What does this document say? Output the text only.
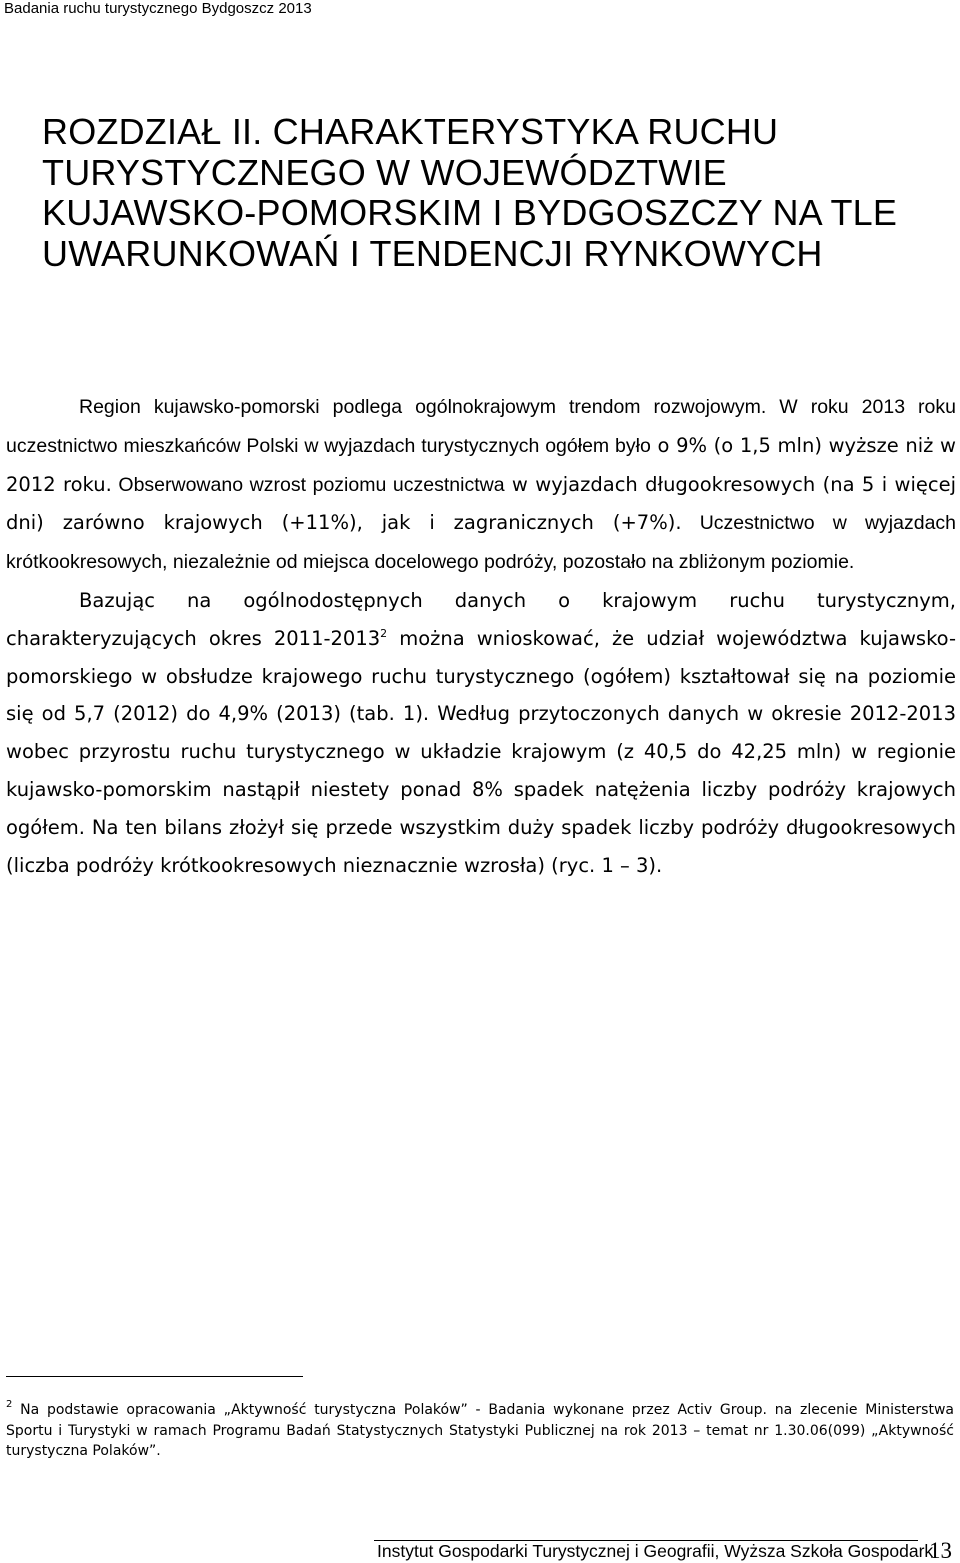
Badania ruchu turystycznego Bydgoszcz 2013
ROZDZIAŁ II. CHARAKTERYSTYKA RUCHU
TURYSTYCZNEGO W WOJEWÓDZTWIE
KUJAWSKO-POMORSKIM I BYDGOSZCZY NA TLE
UWARUNKOWAŃ I TENDENCJI RYNKOWYCH

Region kujawsko-pomorski podlega ogólnokrajowym trendom rozwojowym. W roku 2013 roku uczestnictwo mieszkańców Polski w wyjazdach turystycznych ogółem było o 9% (o 1,5 mln) wyższe niż w 2012 roku. Obserwowano wzrost poziomu uczestnictwa w wyjazdach długookresowych (na 5 i więcej dni) zarówno krajowych (+11%), jak i zagranicznych (+7%). Uczestnictwo w wyjazdach krótkookresowych, niezależnie od miejsca docelowego podróży, pozostało na zbliżonym poziomie.

Bazując na ogólnodostępnych danych o krajowym ruchu turystycznym, charakteryzujących okres 2011-2013$^2$ można wnioskować, że udział województwa kujawsko-pomorskiego w obsłudze krajowego ruchu turystycznego (ogółem) kształtował się na poziomie się od 5,7 (2012) do 4,9% (2013) (tab. 1). Według przytoczonych danych w okresie 2012-2013 wobec przyrostu ruchu turystycznego w układzie krajowym (z 40,5 do 42,25 mln) w regionie kujawsko-pomorskim nastąpił niestety ponad 8% spadek natężenia liczby podróży krajowych ogółem. Na ten bilans złożył się przede wszystkim duży spadek liczby podróży długookresowych (liczba podróży krótkookresowych nieznacznie wzrosła) (ryc. 1 – 3).

$^2$ Na podstawie opracowania „Aktywność turystyczna Polaków” - Badania wykonane przez Activ Group. na zlecenie Ministerstwa Sportu i Turystyki w ramach Programu Badań Statystycznych Statystyki Publicznej na rok 2013 – temat nr 1.30.06(099) „Aktywność turystyczna Polaków”.
Instytut Gospodarki Turystycznej i Geografii, Wyższa Szkoła Gospodarki
13
